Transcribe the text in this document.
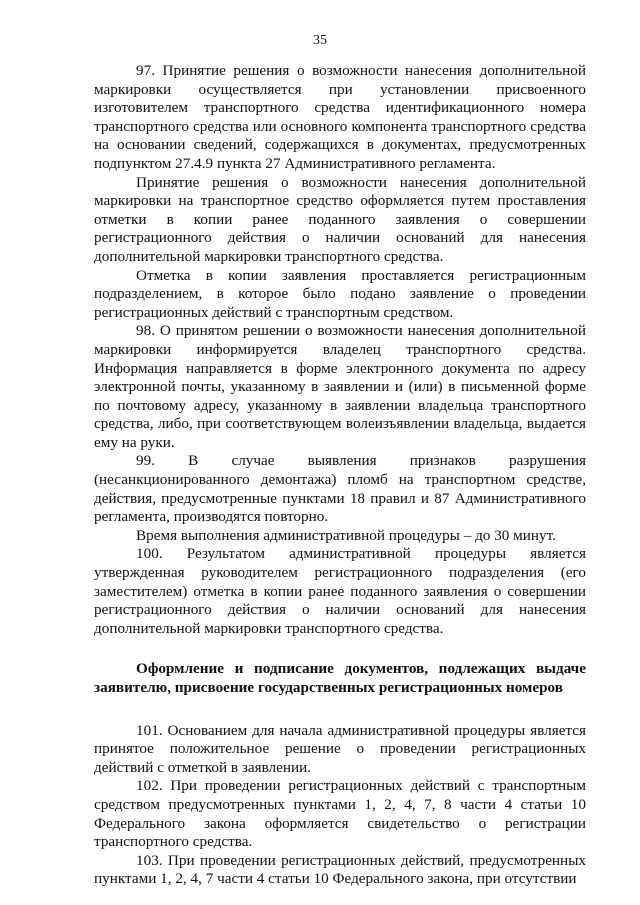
35

97. Принятие решения о возможности нанесения дополнительной маркировки осуществляется при установлении присвоенного изготовителем транспортного средства идентификационного номера транспортного средства или основного компонента транспортного средства на основании сведений, содержащихся в документах, предусмотренных подпунктом 27.4.9 пункта 27 Административного регламента.

Принятие решения о возможности нанесения дополнительной маркировки на транспортное средство оформляется путем проставления отметки в копии ранее поданного заявления о совершении регистрационного действия о наличии оснований для нанесения дополнительной маркировки транспортного средства.

Отметка в копии заявления проставляется регистрационным подразделением, в которое было подано заявление о проведении регистрационных действий с транспортным средством.

98. О принятом решении о возможности нанесения дополнительной маркировки информируется владелец транспортного средства. Информация направляется в форме электронного документа по адресу электронной почты, указанному в заявлении и (или) в письменной форме по почтовому адресу, указанному в заявлении владельца транспортного средства, либо, при соответствующем волеизъявлении владельца, выдается ему на руки.

99. В случае выявления признаков разрушения (несанкционированного демонтажа) пломб на транспортном средстве, действия, предусмотренные пунктами 18 правил и 87 Административного регламента, производятся повторно.

Время выполнения административной процедуры – до 30 минут.

100. Результатом административной процедуры является утвержденная руководителем регистрационного подразделения (его заместителем) отметка в копии ранее поданного заявления о совершении регистрационного действия о наличии оснований для нанесения дополнительной маркировки транспортного средства.

Оформление и подписание документов, подлежащих выдаче заявителю, присвоение государственных регистрационных номеров

101. Основанием для начала административной процедуры является принятое положительное решение о проведении регистрационных действий с отметкой в заявлении.

102. При проведении регистрационных действий с транспортным средством предусмотренных пунктами 1, 2, 4, 7, 8 части 4 статьи 10 Федерального закона оформляется свидетельство о регистрации транспортного средства.

103. При проведении регистрационных действий, предусмотренных пунктами 1, 2, 4, 7 части 4 статьи 10 Федерального закона, при отсутствии
